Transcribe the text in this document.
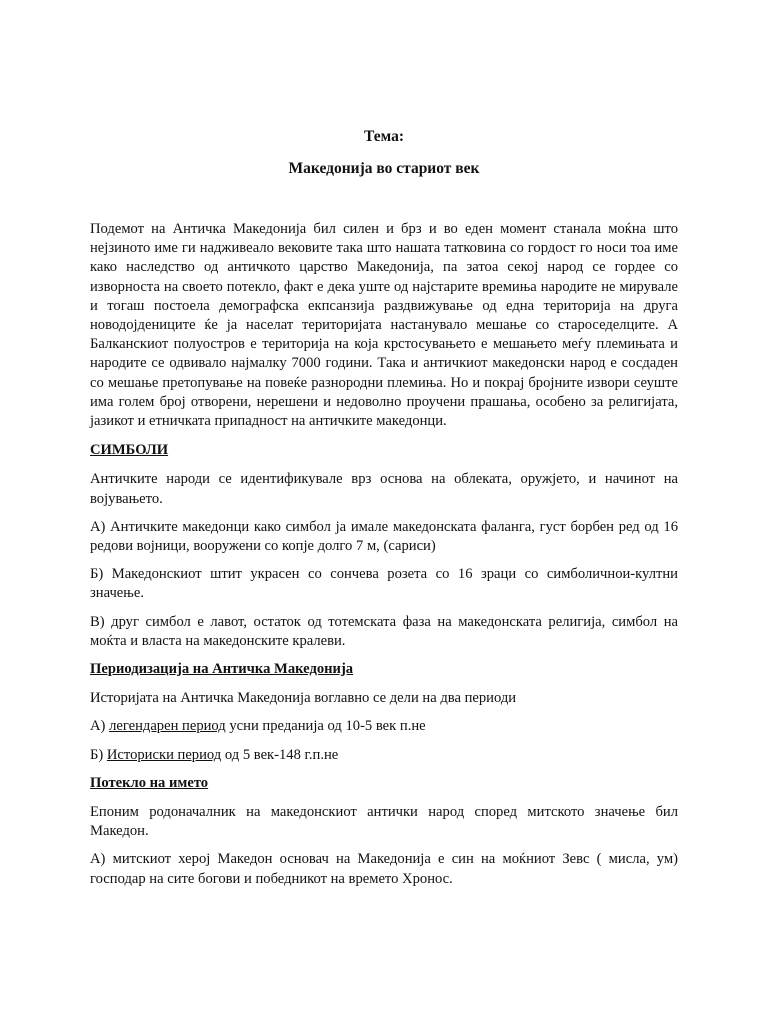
Тема:
Македонија во стариот век

Подемот на Античка Македонија бил силен и брз и во еден момент станала моќна што нејзиното име ги надживеало вековите така што нашата татковина со гордост го носи тоа име како наследство од античкото царство Македонија, па затоа секој народ се гордее со изворноста на своето потекло, факт е дека уште од најстарите времиња народите не мирувале и тогаш постоела демографска екпсанзија раздвижување од една територија на друга новодојдениците ќе ја населат територијата настанувало мешање со староседелците. А Балканскиот полуостров е територија на која крстосувањето е мешањето меѓу племињата и народите се одвивало најмалку 7000 години. Така и античкиот македонски народ е сосдаден со мешање претопување на повеќе разнородни племиња. Но и покрај бројните извори сеуште има голем број отворени, нерешени и недоволно проучени прашања, особено за религијата, јазикот и етничката припадност на античките македонци.

СИМБОЛИ

Античките народи се идентификувале врз основа на облеката, оружјето, и начинот на војувањето.

А) Античките македонци како симбол ја имале македонската фаланга, густ борбен ред од 16 редови војници, вооружени со копје долго 7 м, (сариси)

Б) Македонскиот штит украсен со сончева розета со 16 зраци со симболичнои-култни значење.

В) друг симбол е лавот, остаток од тотемската фаза на македонската религија, симбол на моќта и власта на македонските кралеви.

Периодизација на Античка Македонија

Историјата на Античка Македонија воглавно се дели на два периоди

А) легендарен период усни преданија од 10-5 век п.не

Б) Историски период од 5 век-148 г.п.не

Потекло на името

Епоним родоначалник на македонскиот антички народ според митското значење бил Македон.

А) митскиот херој Македон основач на Македонија е син на моќниот Зевс ( мисла, ум) господар на сите богови и победникот на времето Хронос.
